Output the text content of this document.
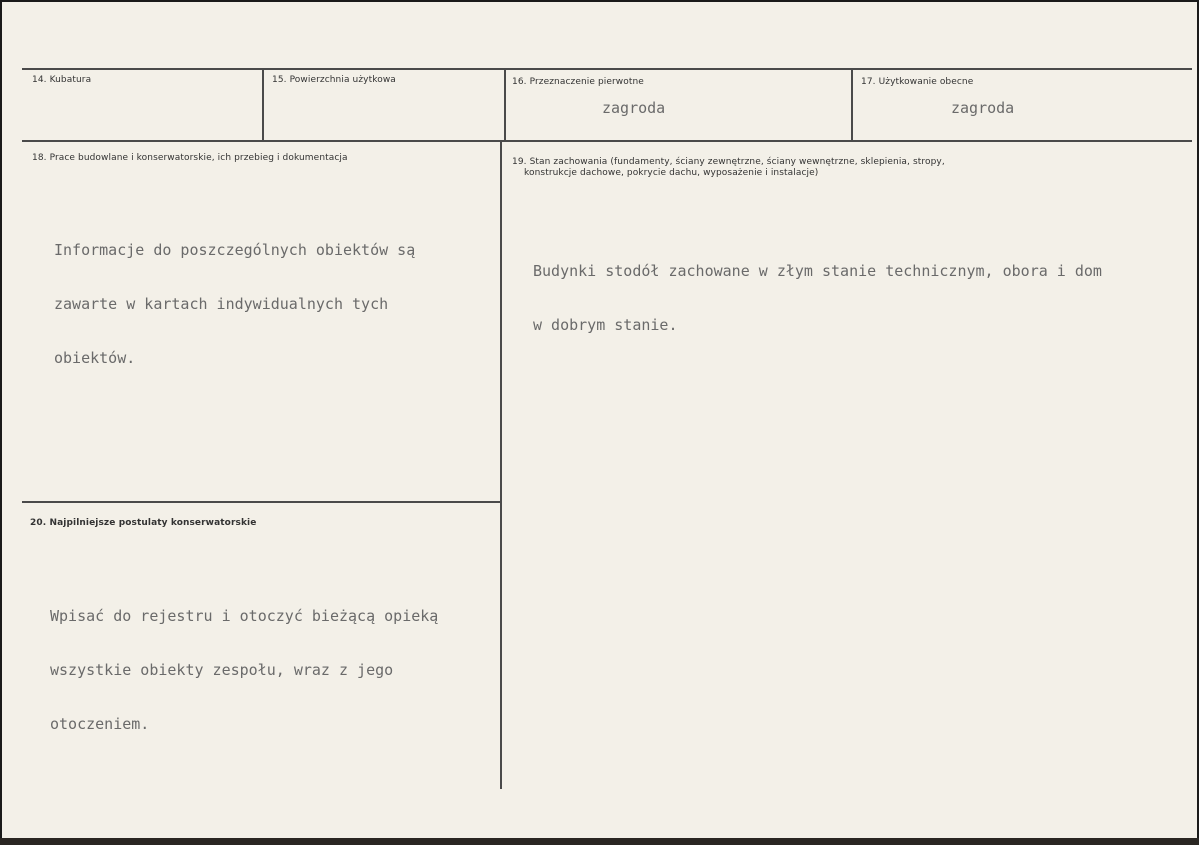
14. Kubatura	15. Powierzchnia użytkowa	16. Przeznaczenie pierwotne
zagroda
17. Użytkowanie obecne
zagroda
18. Prace budowlane i konserwatorskie, ich przebieg i dokumentacja

Informacje do poszczególnych obiektów są

zawarte w kartach indywidualnych tych

obiektów.

19. Stan zachowania (fundamenty, ściany zewnętrzne, ściany wewnętrzne, sklepienia, stropy,
konstrukcje dachowe, pokrycie dachu, wyposażenie i instalacje)

Budynki stodół zachowane w złym stanie technicznym, obora i dom

w dobrym stanie.

20. Najpilniejsze postulaty konserwatorskie

Wpisać do rejestru i otoczyć bieżącą opieką

wszystkie obiekty zespołu, wraz z jego

otoczeniem.
